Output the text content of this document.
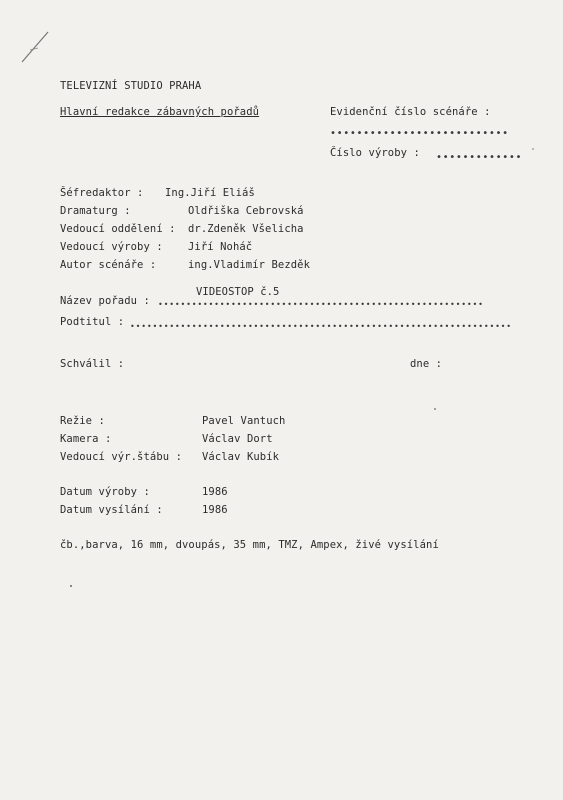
TELEVIZNÍ STUDIO PRAHA
Hlavní redakce zábavných pořadů	Evidenční číslo scénáře :
•••••••••••••••••••••••••••
Číslo výroby : •••••••••••••
Šéfredaktor : Ing.Jiří Eliáš
Dramaturg :	Oldřiška Cebrovská
Vedoucí oddělení : dr.Zdeněk Všelicha
Vedoucí výroby : Jiří Noháč
Autor scénáře :	ing.Vladimír Bezděk
VIDEOSTOP č.5
Název pořadu : ••••••••••••••••••••••••••••••••••••••••••••••••••••••••••
Podtitul : ••••••••••••••••••••••••••••••••••••••••••••••••••••••••••••••••••••
Schválil :	dne :
Režie :	Pavel Vantuch
Kamera :	Václav Dort
Vedoucí výr.štábu : Václav Kubík
Datum výroby :	1986
Datum vysílání :	1986
čb.,barva, 16 mm, dvoupás, 35 mm, TMZ, Ampex, živé vysílání
